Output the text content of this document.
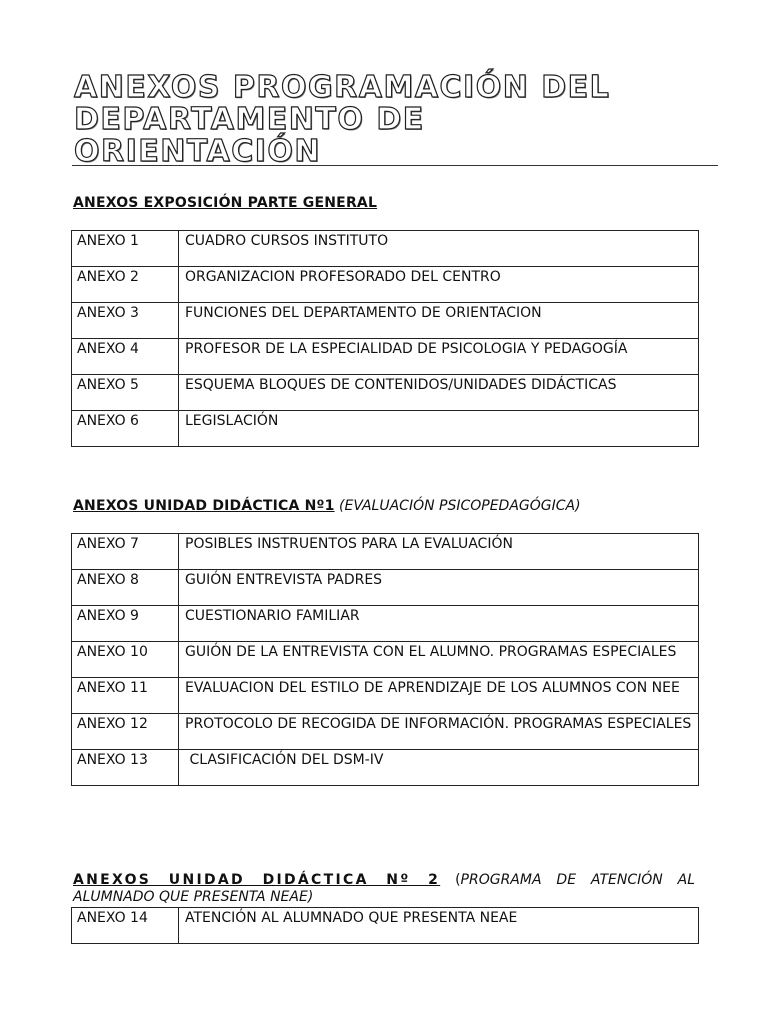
ANEXOS PROGRAMACIÓN DEL
DEPARTAMENTO DE
ORIENTACIÓN
ANEXOS EXPOSICIÓN PARTE GENERAL
ANEXO 1	CUADRO CURSOS INSTITUTO
ANEXO 2	ORGANIZACION PROFESORADO DEL CENTRO
ANEXO 3	FUNCIONES DEL DEPARTAMENTO DE ORIENTACION
ANEXO 4	PROFESOR DE LA ESPECIALIDAD DE PSICOLOGIA Y PEDAGOGÍA
ANEXO 5	ESQUEMA BLOQUES DE CONTENIDOS/UNIDADES DIDÁCTICAS
ANEXO 6	LEGISLACIÓN
ANEXOS UNIDAD DIDÁCTICA Nº1 (EVALUACIÓN PSICOPEDAGÓGICA)
ANEXO 7	POSIBLES INSTRUENTOS PARA LA EVALUACIÓN
ANEXO 8	GUIÓN ENTREVISTA PADRES
ANEXO 9	CUESTIONARIO FAMILIAR
ANEXO 10	GUIÓN DE LA ENTREVISTA CON EL ALUMNO. PROGRAMAS ESPECIALES
ANEXO 11	EVALUACION DEL ESTILO DE APRENDIZAJE DE LOS ALUMNOS CON NEE
ANEXO 12	PROTOCOLO DE RECOGIDA DE INFORMACIÓN. PROGRAMAS ESPECIALES
ANEXO 13	CLASIFICACIÓN DEL DSM-IV
ANEXOS UNIDAD DIDÁCTICA Nº 2 (PROGRAMA DE ATENCIÓN AL ALUMNADO QUE PRESENTA NEAE)
ANEXO 14	ATENCIÓN AL ALUMNADO QUE PRESENTA NEAE
